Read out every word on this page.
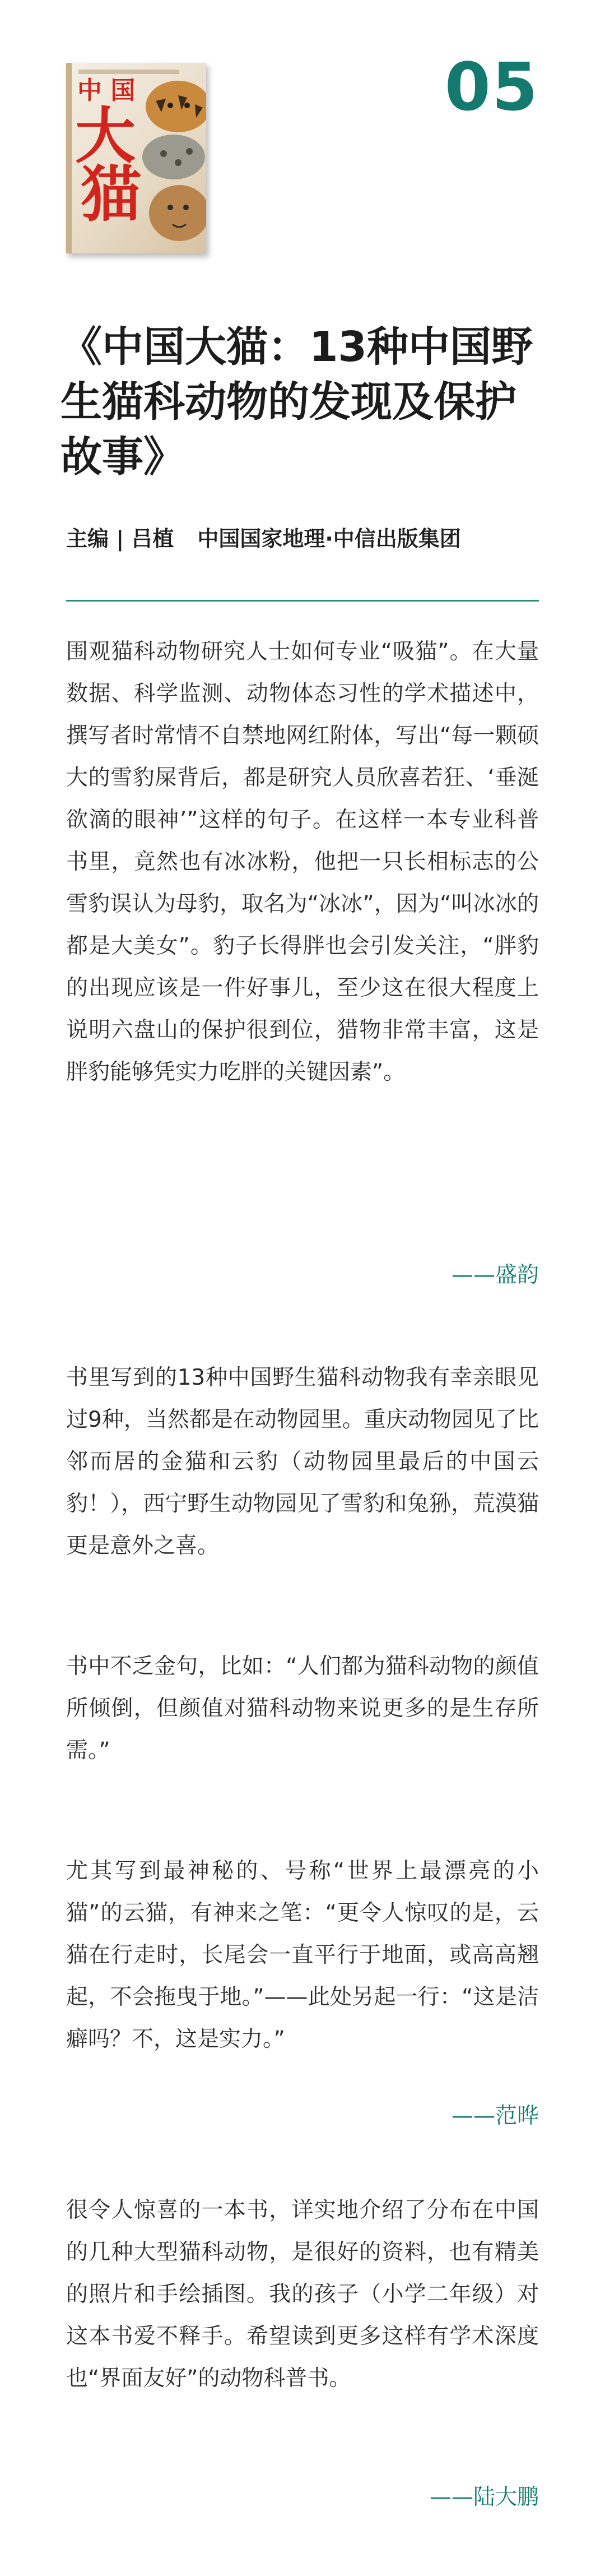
中 国
大
猫
05
《中国大猫：13种中国野生猫科动物的发现及保护故事》
主编 | 吕植 中国国家地理·中信出版集团

围观猫科动物研究人士如何专业“吸猫”。在大量数据、科学监测、动物体态习性的学术描述中，撰写者时常情不自禁地网红附体，写出“每一颗硕大的雪豹屎背后，都是研究人员欣喜若狂、‘垂涎欲滴的眼神’”这样的句子。在这样一本专业科普书里，竟然也有冰冰粉，他把一只长相标志的公雪豹误认为母豹，取名为“冰冰”，因为“叫冰冰的都是大美女”。豹子长得胖也会引发关注，“胖豹的出现应该是一件好事儿，至少这在很大程度上说明六盘山的保护很到位，猎物非常丰富，这是胖豹能够凭实力吃胖的关键因素”。

——盛韵

书里写到的13种中国野生猫科动物我有幸亲眼见过9种，当然都是在动物园里。重庆动物园见了比邻而居的金猫和云豹（动物园里最后的中国云豹！），西宁野生动物园见了雪豹和兔狲，荒漠猫更是意外之喜。

书中不乏金句，比如：“人们都为猫科动物的颜值所倾倒，但颜值对猫科动物来说更多的是生存所需。”

尤其写到最神秘的、号称“世界上最漂亮的小猫”的云猫，有神来之笔：“更令人惊叹的是，云猫在行走时，长尾会一直平行于地面，或高高翘起，不会拖曳于地。”——此处另起一行：“这是洁癖吗？不，这是实力。”

——范晔

很令人惊喜的一本书，详实地介绍了分布在中国的几种大型猫科动物，是很好的资料，也有精美的照片和手绘插图。我的孩子（小学二年级）对这本书爱不释手。希望读到更多这样有学术深度也“界面友好”的动物科普书。

——陆大鹏
